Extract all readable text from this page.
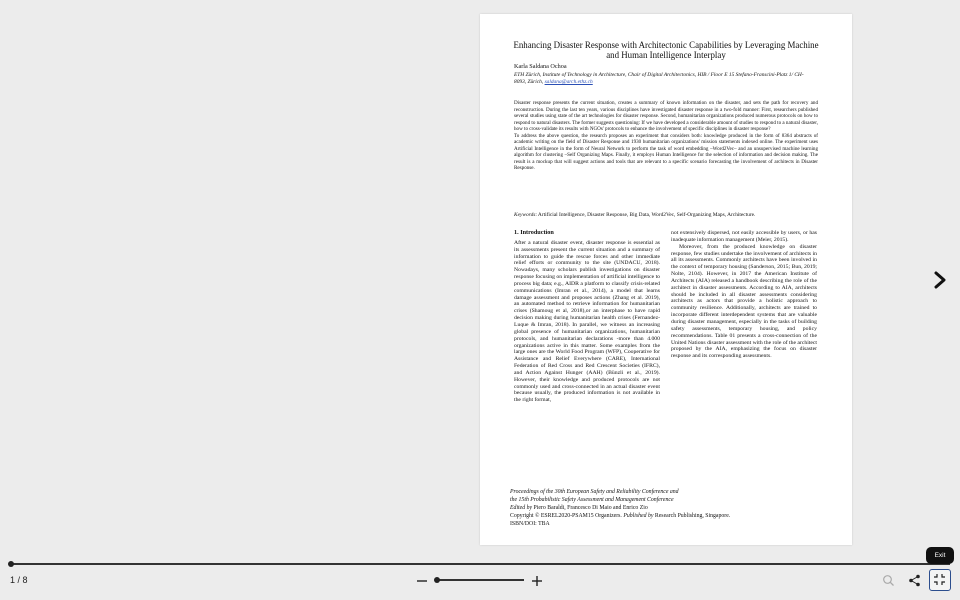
Enhancing Disaster Response with Architectonic Capabilities by Leveraging Machine and Human Intelligence Interplay
Karla Saldana Ochoa
ETH Zürich, Institute of Technology in Architecture, Chair of Digital Architectonics, HIB / Floor E 15 Stefano-Franscini-Platz 1/ CH-8093, Zürich, saldana@arch.ethz.ch

Disaster response presents the current situation, creates a summary of known information on the disaster, and sets the path for recovery and reconstruction. During the last ten years, various disciplines have investigated disaster response in a two-fold manner: First, researchers published several studies using state of the art technologies for disaster response. Second, humanitarian organizations produced numerous protocols on how to respond to natural disasters. The former suggests questioning: If we have developed a considerable amount of studies to respond to a natural disaster, how to cross-validate its results with NGOs' protocols to enhance the involvement of specific disciplines in disaster response?

To address the above question, the research proposes an experiment that considers both: knowledge produced in the form of 8364 abstracts of academic writing on the field of Disaster Response and 1930 humanitarian organizations' mission statements indexed online. The experiment uses Artificial Intelligence in the form of Neural Network to perform the task of word embedding –Word2Vec– and an unsupervised machine learning algorithm for clustering –Self Organizing Maps. Finally, it employs Human Intelligence for the selection of information and decision making. The result is a mockup that will suggest actions and tools that are relevant to a specific scenario forecasting the involvement of architects in Disaster Response.

Keywords: Artificial Intelligence, Disaster Response, Big Data, Word2Vec, Self-Organizing Maps, Architecture.
1. Introduction

After a natural disaster event, disaster response is essential as its assessments present the current situation and a summary of information to guide the rescue forces and other immediate relief efforts or community to the site (UNDACU, 2018). Nowadays, many scholars publish investigations on disaster response focusing on implementation of artificial intelligence to process big data; e.g., AIDR a platform to classify crisis-related communications (Imran et al., 2014), a model that learns damage assessment and proposes actions (Zhang et al. 2019), an automated method to retrieve information for humanitarian crises (Shamoug et al, 2018),or an interphase to have rapid decision making during humanitarian health crises (Fernandez-Luque & Imran, 2018). In parallel, we witness an increasing global presence of humanitarian organizations, humanitarian protocols, and humanitarian declarations -more than 4.000 organizations active in this matter. Some examples from the large ones are the World Food Program (WFP), Cooperative for Assistance and Relief Everywhere (CARE), International Federation of Red Cross and Red Crescent Societies (IFRC), and Action Against Hunger (AAH) (Bünzli et al., 2019). However, their knowledge and produced protocols are not commonly used and cross-connected in an actual disaster event because usually, the produced information is not available in the right format,

not extensively dispersed, not easily accessible by users, or has inadequate information management (Meier, 2015).

Moreover, from the produced knowledge on disaster response, few studies undertake the involvement of architects in all its assessments. Commonly architects have been involved in the context of temporary housing (Sanderson, 2015; Bun, 2019; Nolte, 2104). However, in 2017 the American Institute of Architects (AIA) released a handbook describing the role of the architect in disaster assessments. According to AIA, architects should be included in all disaster assessments considering architects as actors that provide a holistic approach to community resilience. Additionally, architects are trained to incorporate different interdependent systems that are valuable during disaster management, especially in the tasks of building safety assessments, temporary housing, and policy recommendations. Table 01 presents a cross-connection of the United Nations disaster assessment with the role of the architect proposed by the AIA, emphasizing the focus on disaster response and its corresponding assessments.

Proceedings of the 30th European Safety and Reliability Conference and
the 15th Probabilistic Safety Assessment and Management Conference
Edited by Piero Baraldi, Francesco Di Maio and Enrico Zio
Copyright © ESREL2020-PSAM15 Organizers. Published by Research Publishing, Singapore.
ISBN/DOI: TBA
1 / 8
Exit
